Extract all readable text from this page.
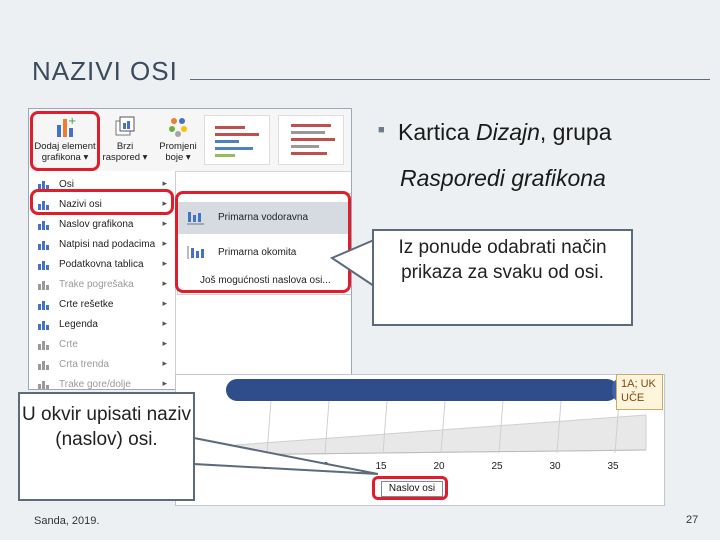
NAZIVI OSI
+
Dodaj element
grafikona ▾
Brzi
raspored ▾
Promjeni
boje ▾
Osi	▸
Nazivi osi	▸
Naslov grafikona	▸
Natpisi nad podacima ▸
Podatkovna tablica ▸
Trake pogrešaka	▸
Crte rešetke	▸
Legenda	▸
Crte	▸
Crta trenda	▸
Trake gore/dolje	▸
Primarna vodoravna
Primarna okomita
Još mogućnosti naslova osi...
■ Kartica Dizajn, grupa
Rasporedi grafikona
Iz ponude odabrati način prikaza za svaku od osi.
15	20	25	30	35
Naslov osi
1A; UK
UČE
U okvir upisati naziv (naslov) osi.
Sanda, 2019.	27
